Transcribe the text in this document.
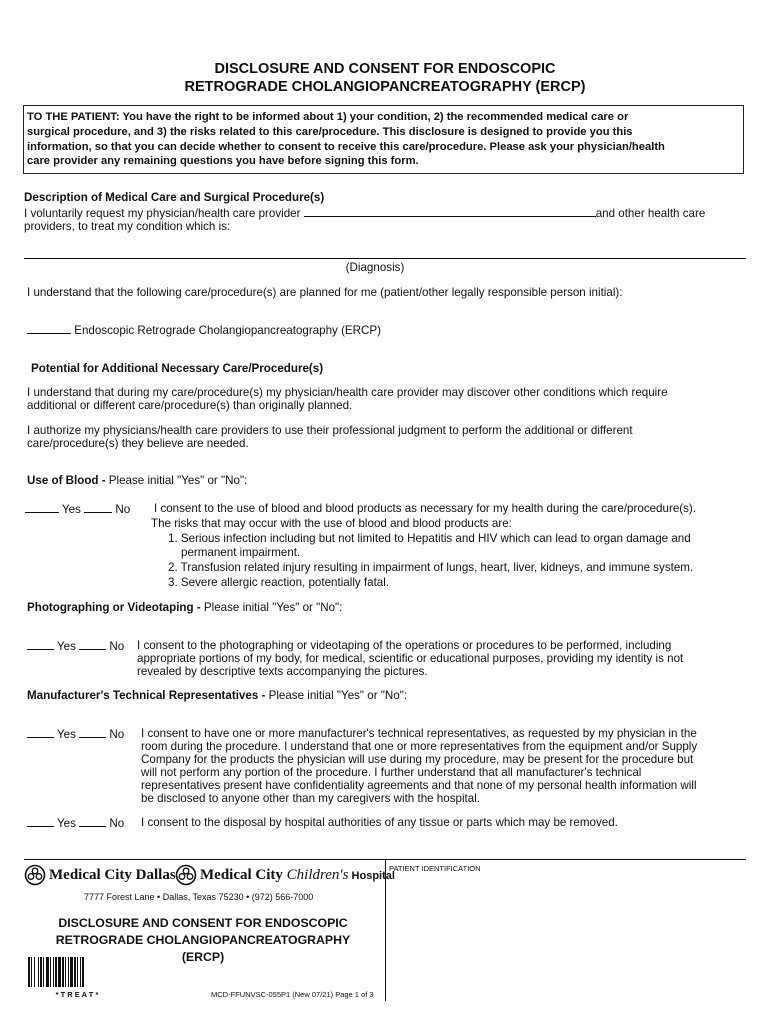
DISCLOSURE AND CONSENT FOR ENDOSCOPIC
RETROGRADE CHOLANGIOPANCREATOGRAPHY (ERCP)
TO THE PATIENT: You have the right to be informed about 1) your condition, 2) the recommended medical care or
surgical procedure, and 3) the risks related to this care/procedure. This disclosure is designed to provide you this
information, so that you can decide whether to consent to receive this care/procedure. Please ask your physician/health
care provider any remaining questions you have before signing this form.
Description of Medical Care and Surgical Procedure(s)
I voluntarily request my physician/health care provider	and other health care
providers, to treat my condition which is:
(Diagnosis)
I understand that the following care/procedure(s) are planned for me (patient/other legally responsible person initial):
Endoscopic Retrograde Cholangiopancreatography (ERCP)
Potential for Additional Necessary Care/Procedure(s)
I understand that during my care/procedure(s) my physician/health care provider may discover other conditions which require
additional or different care/procedure(s) than originally planned.
I authorize my physicians/health care providers to use their professional judgment to perform the additional or different
care/procedure(s) they believe are needed.
Use of Blood - Please initial "Yes" or "No":
Yes	No I consent to the use of blood and blood products as necessary for my health during the care/procedure(s).
The risks that may occur with the use of blood and blood products are:
1. Serious infection including but not limited to Hepatitis and HIV which can lead to organ damage and
permanent impairment.
2. Transfusion related injury resulting in impairment of lungs, heart, liver, kidneys, and immune system.
3. Severe allergic reaction, potentially fatal.
Photographing or Videotaping - Please initial "Yes" or "No":
Yes	No I consent to the photographing or videotaping of the operations or procedures to be performed, including
appropriate portions of my body, for medical, scientific or educational purposes, providing my identity is not
revealed by descriptive texts accompanying the pictures.
Manufacturer's Technical Representatives - Please initial "Yes" or "No":
Yes	No I consent to have one or more manufacturer's technical representatives, as requested by my physician in the
room during the procedure. I understand that one or more representatives from the equipment and/or Supply
Company for the products the physician will use during my procedure, may be present for the procedure but
will not perform any portion of the procedure. I further understand that all manufacturer's technical
representatives present have confidentiality agreements and that none of my personal health information will
be disclosed to anyone other than my caregivers with the hospital.
Yes	No I consent to the disposal by hospital authorities of any tissue or parts which may be removed.
PATIENT IDENTIFICATION
Medical City Dallas Medical City Children's Hospital
7777 Forest Lane • Dallas, Texas 75230 • (972) 566-7000
DISCLOSURE AND CONSENT FOR ENDOSCOPIC
RETROGRADE CHOLANGIOPANCREATOGRAPHY
(ERCP)
* T R E A T *	MCD-FFUNVSC-055P1 (New 07/21) Page 1 of 3
